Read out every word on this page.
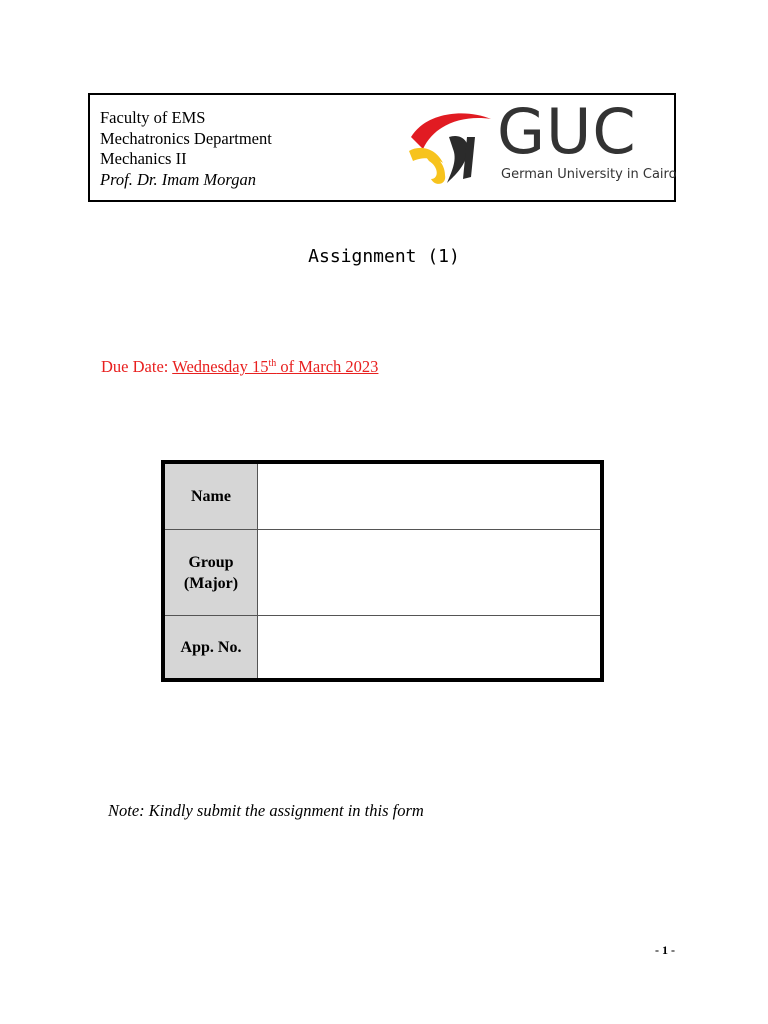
Faculty of EMS
Mechatronics Department
Mechanics II
Prof. Dr. Imam Morgan
GUC
German University in Cairo
Assignment (1)
Due Date: Wednesday 15th of March 2023
Name	

Group
(Major)	

App. No.	
Note: Kindly submit the assignment in this form
- 1 -
